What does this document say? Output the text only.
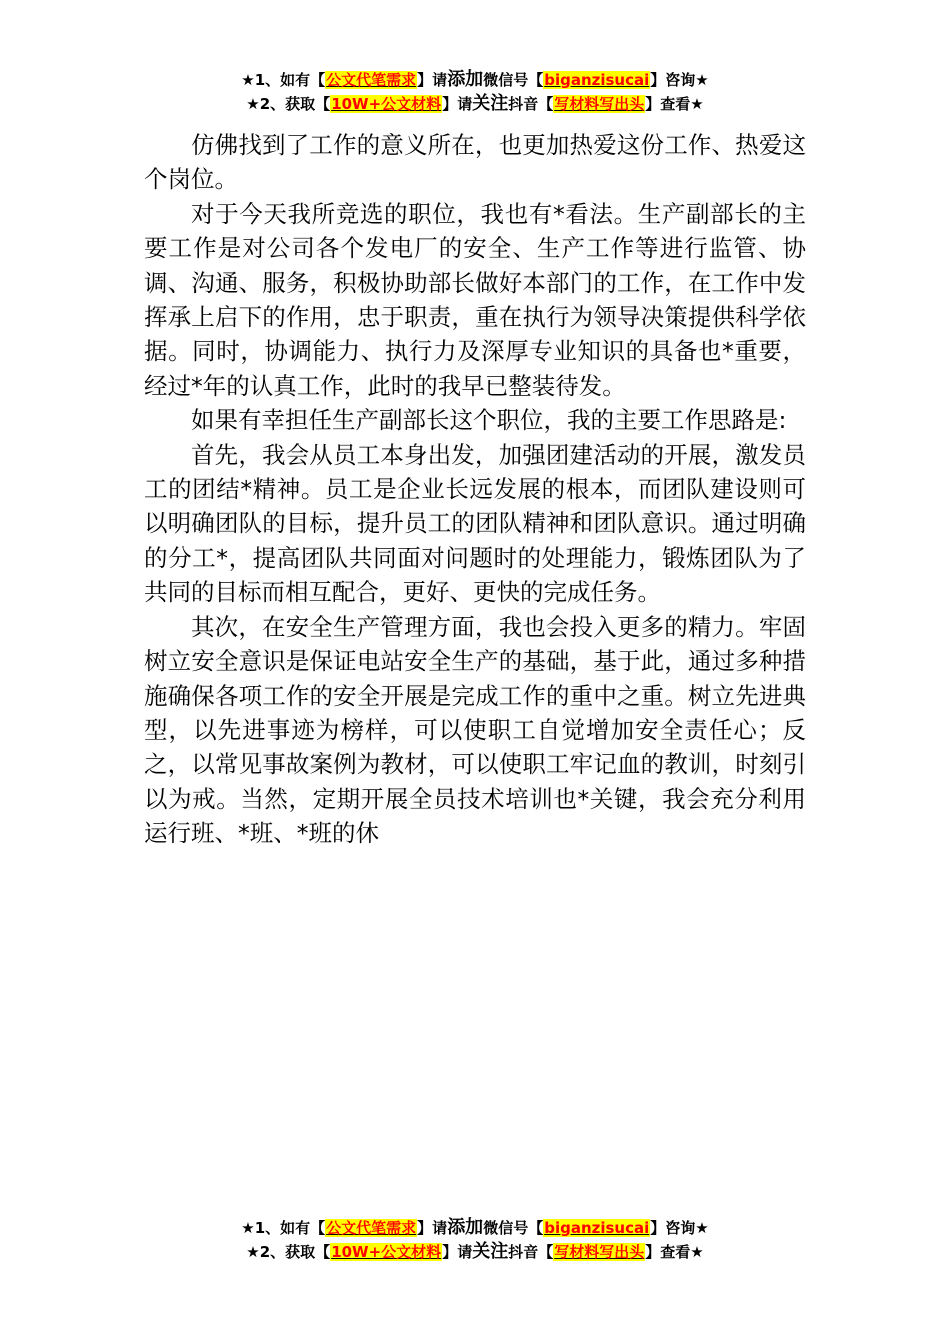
★1、如有【公文代笔需求】请添加微信号【biganzisucai】咨询★
★2、获取【10W+公文材料】请关注抖音【写材料写出头】查看★

仿佛找到了工作的意义所在，也更加热爱这份工作、热爱这个岗位。

对于今天我所竞选的职位，我也有*看法。生产副部长的主要工作是对公司各个发电厂的安全、生产工作等进行监管、协调、沟通、服务，积极协助部长做好本部门的工作，在工作中发挥承上启下的作用，忠于职责，重在执行为领导决策提供科学依据。同时，协调能力、执行力及深厚专业知识的具备也*重要，经过*年的认真工作，此时的我早已整装待发。

如果有幸担任生产副部长这个职位，我的主要工作思路是:

首先，我会从员工本身出发，加强团建活动的开展，激发员工的团结*精神。员工是企业长远发展的根本，而团队建设则可以明确团队的目标，提升员工的团队精神和团队意识。通过明确的分工*，提高团队共同面对问题时的处理能力，锻炼团队为了共同的目标而相互配合，更好、更快的完成任务。

其次，在安全生产管理方面，我也会投入更多的精力。牢固树立安全意识是保证电站安全生产的基础，基于此，通过多种措施确保各项工作的安全开展是完成工作的重中之重。树立先进典型，以先进事迹为榜样，可以使职工自觉增加安全责任心；反之，以常见事故案例为教材，可以使职工牢记血的教训，时刻引以为戒。当然，定期开展全员技术培训也*关键，我会充分利用运行班、*班、*班的休

★1、如有【公文代笔需求】请添加微信号【biganzisucai】咨询★
★2、获取【10W+公文材料】请关注抖音【写材料写出头】查看★
